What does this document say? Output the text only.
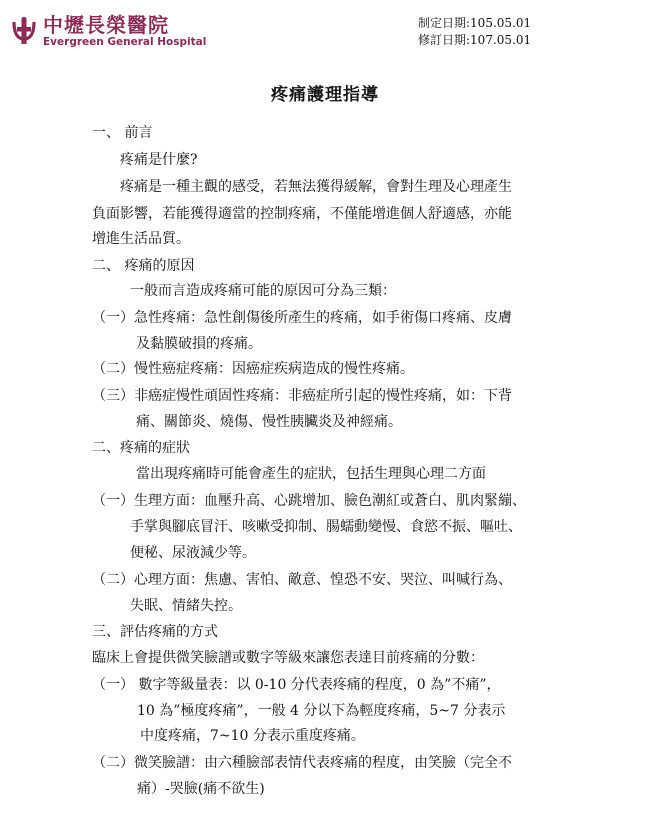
中壢長榮醫院
Evergreen General Hospital
制定日期:105.05.01
修訂日期:107.05.01
疼痛護理指導
一、 前言
疼痛是什麼?
疼痛是一種主觀的感受，若無法獲得緩解，會對生理及心理產生
負面影響，若能獲得適當的控制疼痛，不僅能增進個人舒適感，亦能
增進生活品質。
二、 疼痛的原因
一般而言造成疼痛可能的原因可分為三類：
（一）急性疼痛：急性創傷後所產生的疼痛，如手術傷口疼痛、皮膚
及黏膜破損的疼痛。
（二）慢性癌症疼痛：因癌症疾病造成的慢性疼痛。
（三）非癌症慢性頑固性疼痛：非癌症所引起的慢性疼痛，如：下背
痛、關節炎、燒傷、慢性胰臟炎及神經痛。
二、疼痛的症狀
當出現疼痛時可能會產生的症狀，包括生理與心理二方面
（一）生理方面：血壓升高、心跳增加、臉色潮紅或蒼白、肌肉緊繃、
手掌與腳底冒汗、咳嗽受抑制、腸蠕動變慢、食慾不振、嘔吐、
便秘、尿液減少等。
（二）心理方面：焦慮、害怕、敵意、惶恐不安、哭泣、叫喊行為、
失眠、情緒失控。
三、評估疼痛的方式
臨床上會提供微笑臉譜或數字等級來讓您表達目前疼痛的分數：
（一） 數字等級量表：以 0-10 分代表疼痛的程度，0 為”不痛”，
10 為”極度疼痛”，一般 4 分以下為輕度疼痛，5~7 分表示
中度疼痛，7~10 分表示重度疼痛。
（二）微笑臉譜：由六種臉部表情代表疼痛的程度，由笑臉（完全不
痛）-哭臉(痛不欲生)
